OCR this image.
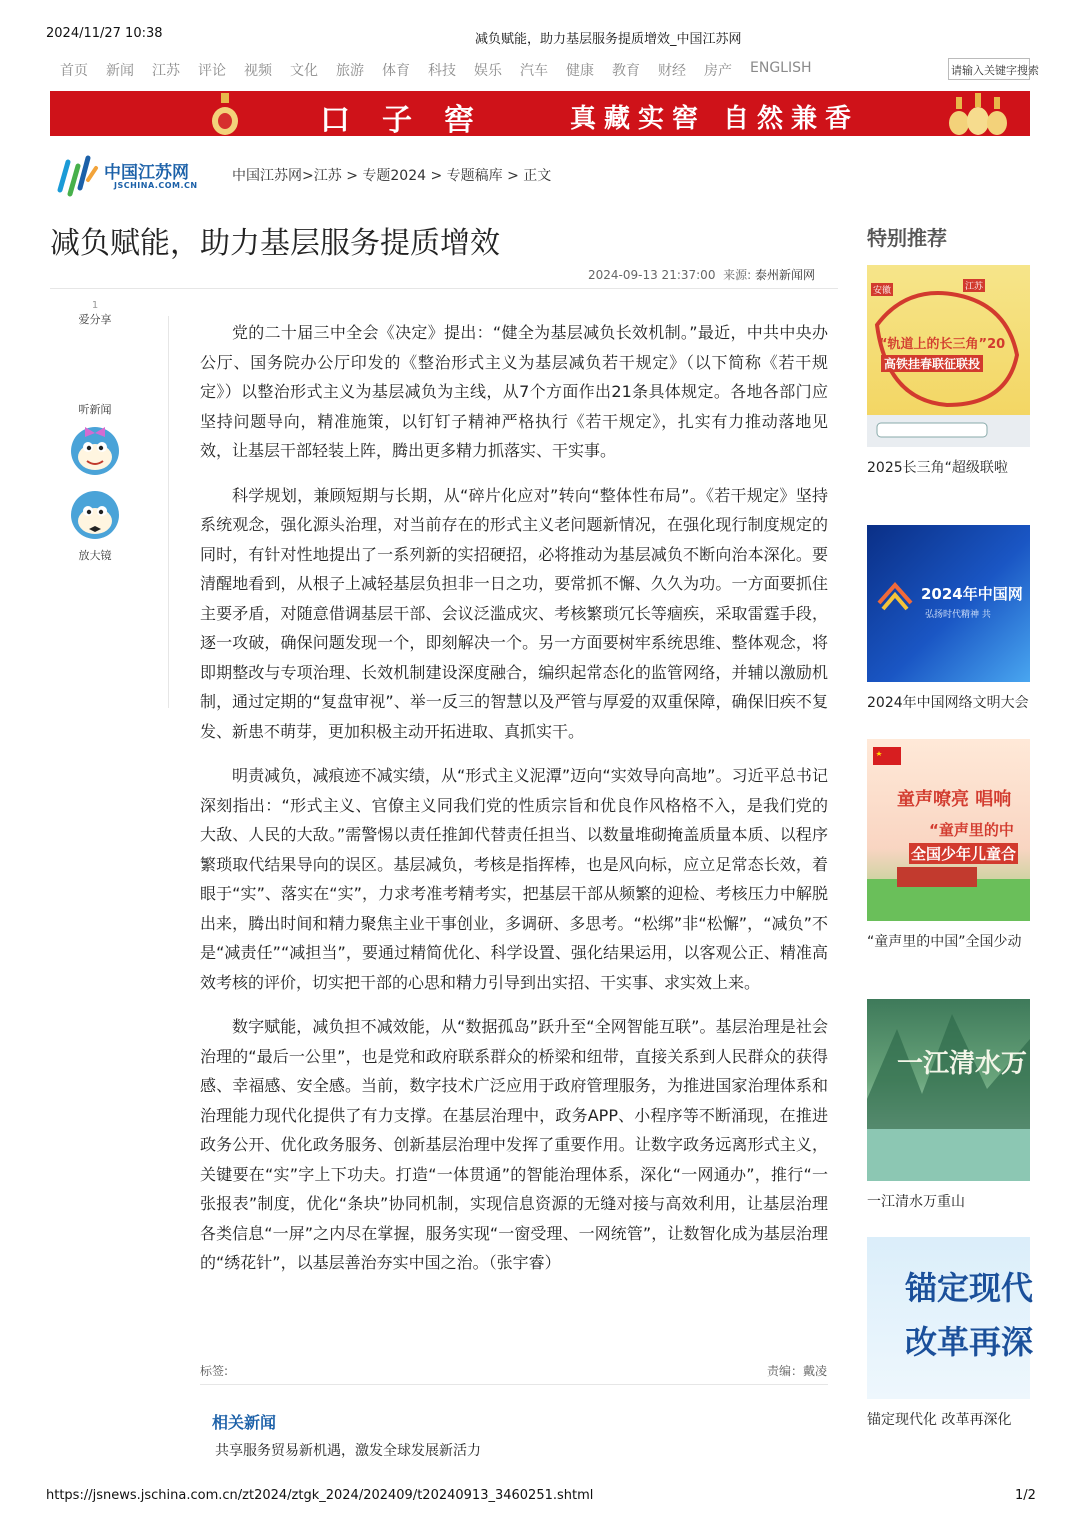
2024/11/27 10:38	减负赋能，助力基层服务提质增效_中国江苏网
首页 新闻 江苏 评论 视频 文化 旅游 体育 科技 娱乐 汽车 健康 教育 财经 房产 ENGLISH	请输入关键字搜索
口子窖 真藏实窖 自然兼香
中国江苏网
JSCHINA.COM.CN
中国江苏网>江苏 > 专题2024 > 专题稿库 > 正文
减负赋能，助力基层服务提质增效
2024-09-13 21:37:00 来源: 泰州新闻网
1
爱分享
听新闻
放大镜

党的二十届三中全会《决定》提出：“健全为基层减负长效机制。”最近，中共中央办公厅、国务院办公厅印发的《整治形式主义为基层减负若干规定》（以下简称《若干规定》）以整治形式主义为基层减负为主线，从7个方面作出21条具体规定。各地各部门应坚持问题导向，精准施策，以钉钉子精神严格执行《若干规定》，扎实有力推动落地见效，让基层干部轻装上阵，腾出更多精力抓落实、干实事。

科学规划，兼顾短期与长期，从“碎片化应对”转向“整体性布局”。《若干规定》坚持系统观念，强化源头治理，对当前存在的形式主义老问题新情况，在强化现行制度规定的同时，有针对性地提出了一系列新的实招硬招，必将推动为基层减负不断向治本深化。要清醒地看到，从根子上减轻基层负担非一日之功，要常抓不懈、久久为功。一方面要抓住主要矛盾，对随意借调基层干部、会议泛滥成灾、考核繁琐冗长等痼疾，采取雷霆手段，逐一攻破，确保问题发现一个，即刻解决一个。另一方面要树牢系统思维、整体观念，将即期整改与专项治理、长效机制建设深度融合，编织起常态化的监管网络，并辅以激励机制，通过定期的“复盘审视”、举一反三的智慧以及严管与厚爱的双重保障，确保旧疾不复发、新患不萌芽，更加积极主动开拓进取、真抓实干。

明责减负，减痕迹不减实绩，从“形式主义泥潭”迈向“实效导向高地”。习近平总书记深刻指出：“形式主义、官僚主义同我们党的性质宗旨和优良作风格格不入，是我们党的大敌、人民的大敌。”需警惕以责任推卸代替责任担当、以数量堆砌掩盖质量本质、以程序繁琐取代结果导向的误区。基层减负，考核是指挥棒，也是风向标，应立足常态长效，着眼于“实”、落实在“实”，力求考准考精考实，把基层干部从频繁的迎检、考核压力中解脱出来，腾出时间和精力聚焦主业干事创业，多调研、多思考。“松绑”非“松懈”，“减负”不是“减责任”“减担当”，要通过精简优化、科学设置、强化结果运用，以客观公正、精准高效考核的评价，切实把干部的心思和精力引导到出实招、干实事、求实效上来。

数字赋能，减负担不减效能，从“数据孤岛”跃升至“全网智能互联”。基层治理是社会治理的“最后一公里”，也是党和政府联系群众的桥梁和纽带，直接关系到人民群众的获得感、幸福感、安全感。当前，数字技术广泛应用于政府管理服务，为推进国家治理体系和治理能力现代化提供了有力支撑。在基层治理中，政务APP、小程序等不断涌现，在推进政务公开、优化政务服务、创新基层治理中发挥了重要作用。让数字政务远离形式主义，关键要在“实”字上下功夫。打造“一体贯通”的智能治理体系，深化“一网通办”，推行“一张报表”制度，优化“条块”协同机制，实现信息资源的无缝对接与高效利用，让基层治理各类信息“一屏”之内尽在掌握，服务实现“一窗受理、一网统管”，让数智化成为基层治理的“绣花针”，以基层善治夯实中国之治。（张宇睿）

标签:	责编：戴凌
相关新闻
共享服务贸易新机遇，激发全球发展新活力
特别推荐
安徽	江苏
“轨道上的长三角”20
高铁挂春联征联投
2025长三角“超级联啦
2024年中国网
弘扬时代精神 共
2024年中国网络文明大会
童声嘹亮 唱响
“童声里的中
全国少年儿童合
“童声里的中国”全国少动
一江清水万
一江清水万重山
锚定现代
改革再深
锚定现代化 改革再深化
https://jsnews.jschina.com.cn/zt2024/ztgk_2024/202409/t20240913_3460251.shtml	1/2
